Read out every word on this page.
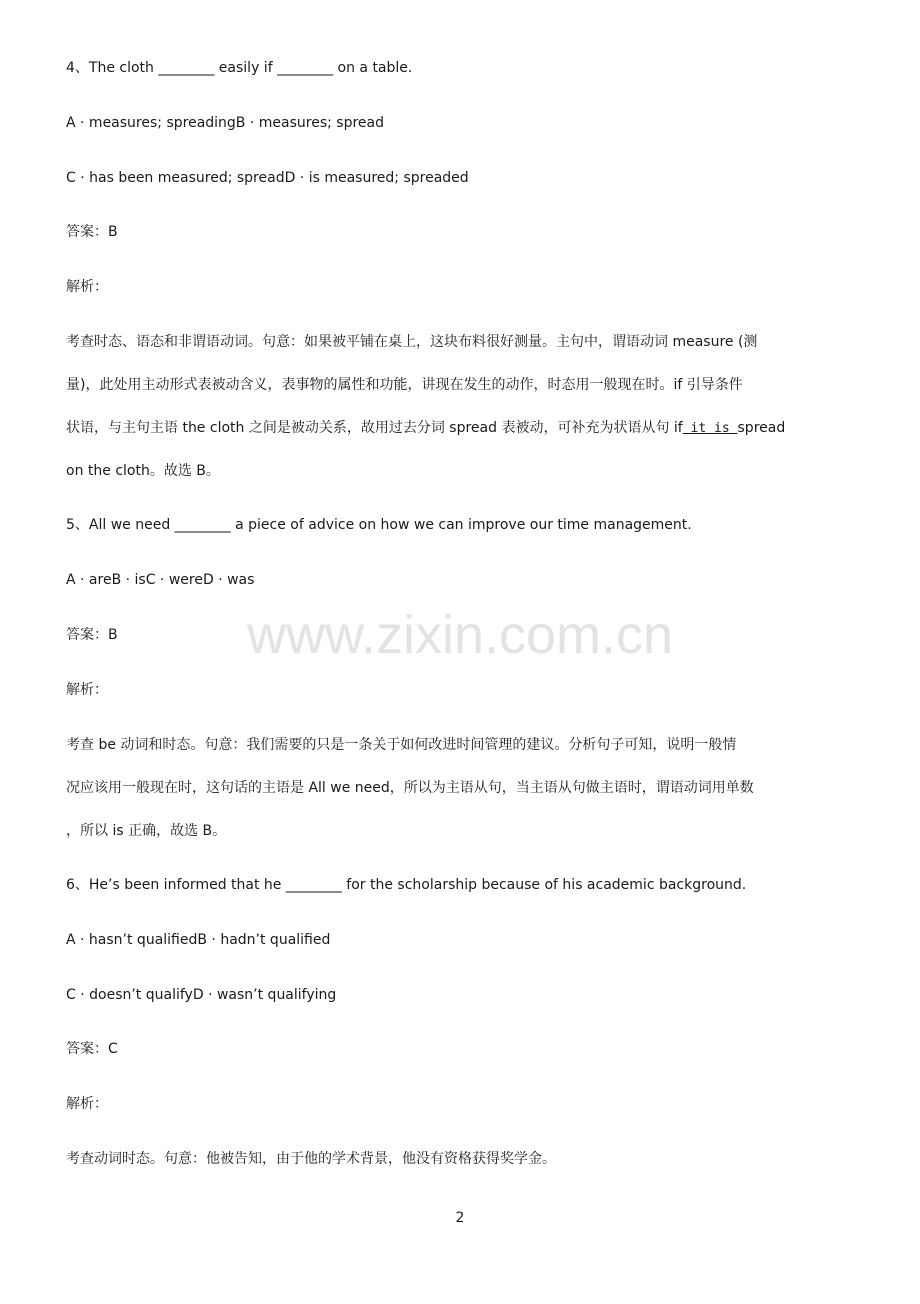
4、The cloth ________ easily if ________ on a table.
A · measures; spreadingB · measures; spread
C · has been measured; spreadD · is measured; spreaded
答案：B
解析：
考查时态、语态和非谓语动词。句意：如果被平铺在桌上，这块布料很好测量。主句中，谓语动词 measure (测
量)，此处用主动形式表被动含义，表事物的属性和功能，讲现在发生的动作，时态用一般现在时。if 引导条件
状语，与主句主语 the cloth 之间是被动关系，故用过去分词 spread 表被动，可补充为状语从句 if it is spread
on the cloth。故选 B。
5、All we need ________ a piece of advice on how we can improve our time management.
A · areB · isC · wereD · was
答案：B
解析：
考查 be 动词和时态。句意：我们需要的只是一条关于如何改进时间管理的建议。分析句子可知，说明一般情
况应该用一般现在时，这句话的主语是 All we need，所以为主语从句，当主语从句做主语时，谓语动词用单数
，所以 is 正确，故选 B。
6、He’s been informed that he ________ for the scholarship because of his academic background.
A · hasn’t qualifiedB · hadn’t qualified
C · doesn’t qualifyD · wasn’t qualifying
答案：C
解析：
考查动词时态。句意：他被告知，由于他的学术背景，他没有资格获得奖学金。
www.zixin.com.cn
2
